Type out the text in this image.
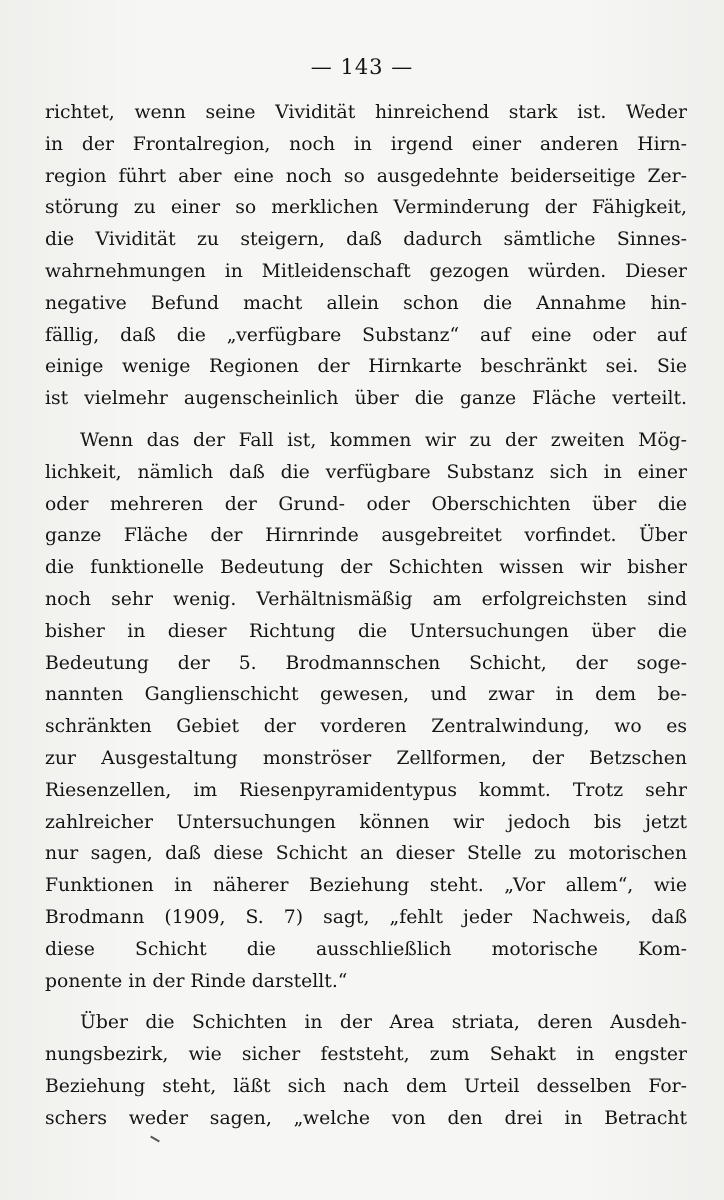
— 143 —
richtet, wenn seine Vividität hinreichend stark ist. Weder
in der Frontalregion, noch in irgend einer anderen Hirn-
region führt aber eine noch so ausgedehnte beiderseitige Zer-
störung zu einer so merklichen Verminderung der Fähigkeit,
die Vividität zu steigern, daß dadurch sämtliche Sinnes-
wahrnehmungen in Mitleidenschaft gezogen würden. Dieser
negative Befund macht allein schon die Annahme hin-
fällig, daß die „verfügbare Substanz“ auf eine oder auf
einige wenige Regionen der Hirnkarte beschränkt sei. Sie
ist vielmehr augenscheinlich über die ganze Fläche verteilt.
Wenn das der Fall ist, kommen wir zu der zweiten Mög-
lichkeit, nämlich daß die verfügbare Substanz sich in einer
oder mehreren der Grund- oder Oberschichten über die
ganze Fläche der Hirnrinde ausgebreitet vorfindet. Über
die funktionelle Bedeutung der Schichten wissen wir bisher
noch sehr wenig. Verhältnismäßig am erfolgreichsten sind
bisher in dieser Richtung die Untersuchungen über die
Bedeutung der 5. Brodmannschen Schicht, der soge-
nannten Ganglienschicht gewesen, und zwar in dem be-
schränkten Gebiet der vorderen Zentralwindung, wo es
zur Ausgestaltung monströser Zellformen, der Betzschen
Riesenzellen, im Riesenpyramidentypus kommt. Trotz sehr
zahlreicher Untersuchungen können wir jedoch bis jetzt
nur sagen, daß diese Schicht an dieser Stelle zu motorischen
Funktionen in näherer Beziehung steht. „Vor allem“, wie
Brodmann (1909, S. 7) sagt, „fehlt jeder Nachweis, daß
diese Schicht die ausschließlich motorische Kom-
ponente in der Rinde darstellt.“
Über die Schichten in der Area striata, deren Ausdeh-
nungsbezirk, wie sicher feststeht, zum Sehakt in engster
Beziehung steht, läßt sich nach dem Urteil desselben For-
schers weder sagen, „welche von den drei in Betracht
